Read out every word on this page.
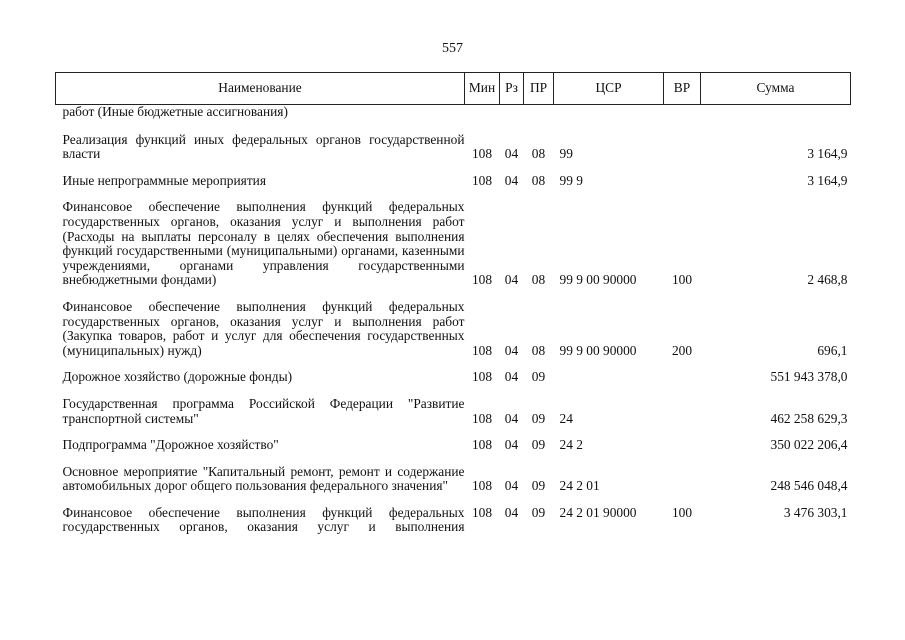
557
Наименование	Мин	Рз	ПР	ЦСР	ВР	Сумма
работ (Иные бюджетные ассигнования)						

Реализация функций иных федеральных органов государственной власти	108	04	08	99		3 164,9

Иные непрограммные мероприятия	108	04	08	99 9		3 164,9

Финансовое обеспечение выполнения функций федеральных государственных органов, оказания услуг и выполнения работ (Расходы на выплаты персоналу в целях обеспечения выполнения функций государственными (муниципальными) органами, казенными учреждениями, органами управления государственными внебюджетными фондами)	108	04	08	99 9 00 90000	100	2 468,8

Финансовое обеспечение выполнения функций федеральных государственных органов, оказания услуг и выполнения работ (Закупка товаров, работ и услуг для обеспечения государственных (муниципальных) нужд)	108	04	08	99 9 00 90000	200	696,1

Дорожное хозяйство (дорожные фонды)	108	04	09			551 943 378,0

Государственная программа Российской Федерации "Развитие транспортной системы"	108	04	09	24		462 258 629,3

Подпрограмма "Дорожное хозяйство"	108	04	09	24 2		350 022 206,4

Основное мероприятие "Капитальный ремонт, ремонт и содержание автомобильных дорог общего пользования федерального значения"	108	04	09	24 2 01		248 546 048,4

Финансовое обеспечение выполнения функций федеральных государственных органов, оказания услуг и выполнения	108	04	09	24 2 01 90000	100	3 476 303,1
